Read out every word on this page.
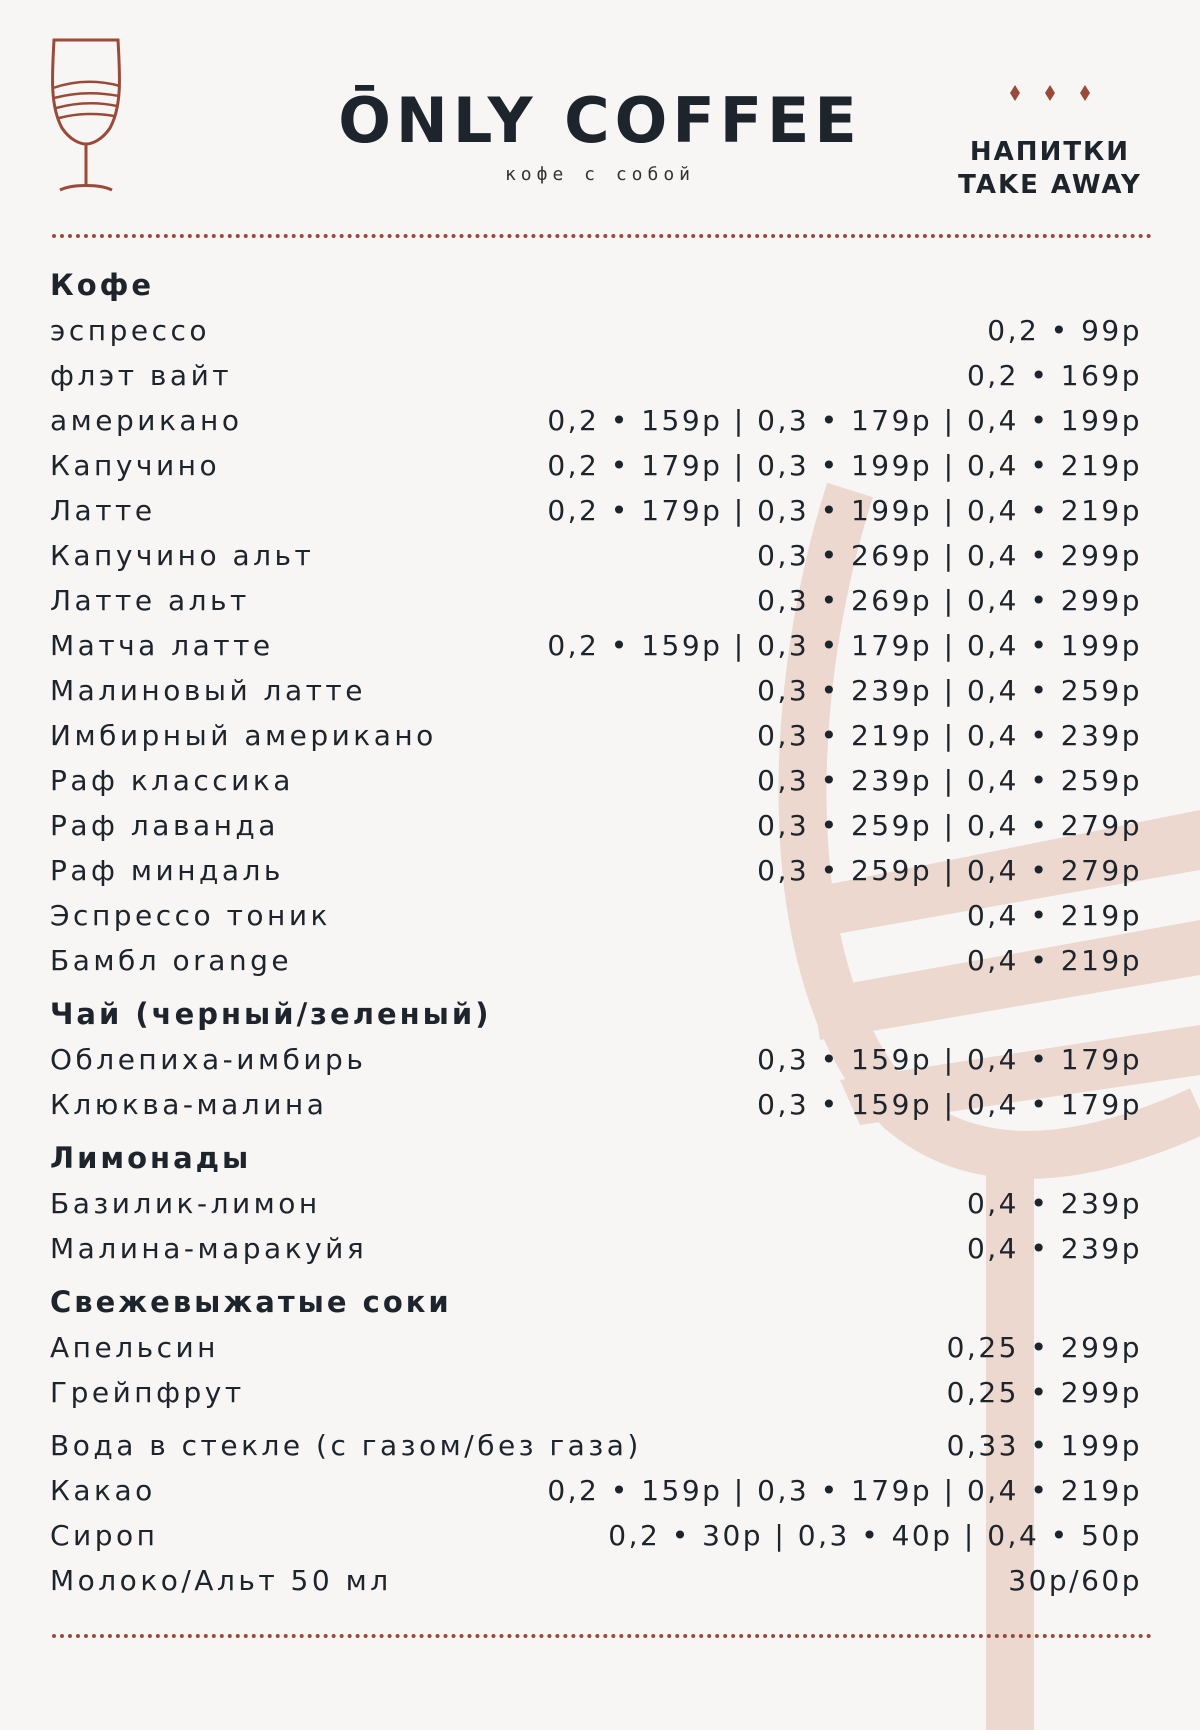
ŌNLY COFFEE
кофе с собой
НАПИТКИ
TAKE AWAY
Кофе
эспрессо	0,2 • 99р
флэт вайт	0,2 • 169р
американо	0,2 • 159р | 0,3 • 179р | 0,4 • 199р
Капучино	0,2 • 179р | 0,3 • 199р | 0,4 • 219р
Латте	0,2 • 179р | 0,3 • 199р | 0,4 • 219р
Капучино альт	0,3 • 269р | 0,4 • 299р
Латте альт	0,3 • 269р | 0,4 • 299р
Матча латте	0,2 • 159р | 0,3 • 179р | 0,4 • 199р
Малиновый латте	0,3 • 239р | 0,4 • 259р
Имбирный американо	0,3 • 219р | 0,4 • 239р
Раф классика	0,3 • 239р | 0,4 • 259р
Раф лаванда	0,3 • 259р | 0,4 • 279р
Раф миндаль	0,3 • 259р | 0,4 • 279р
Эспрессо тоник	0,4 • 219р
Бамбл orange	0,4 • 219р
Чай (черный/зеленый)
Облепиха-имбирь	0,3 • 159р | 0,4 • 179р
Клюква-малина	0,3 • 159р | 0,4 • 179р
Лимонады
Базилик-лимон	0,4 • 239р
Малина-маракуйя	0,4 • 239р
Свежевыжатые соки
Апельсин	0,25 • 299р
Грейпфрут	0,25 • 299р
Вода в стекле (с газом/без газа)	0,33 • 199р
Какао	0,2 • 159р | 0,3 • 179р | 0,4 • 219р
Сироп	0,2 • 30р | 0,3 • 40р | 0,4 • 50р
Молоко/Альт 50 мл	30р/60р
